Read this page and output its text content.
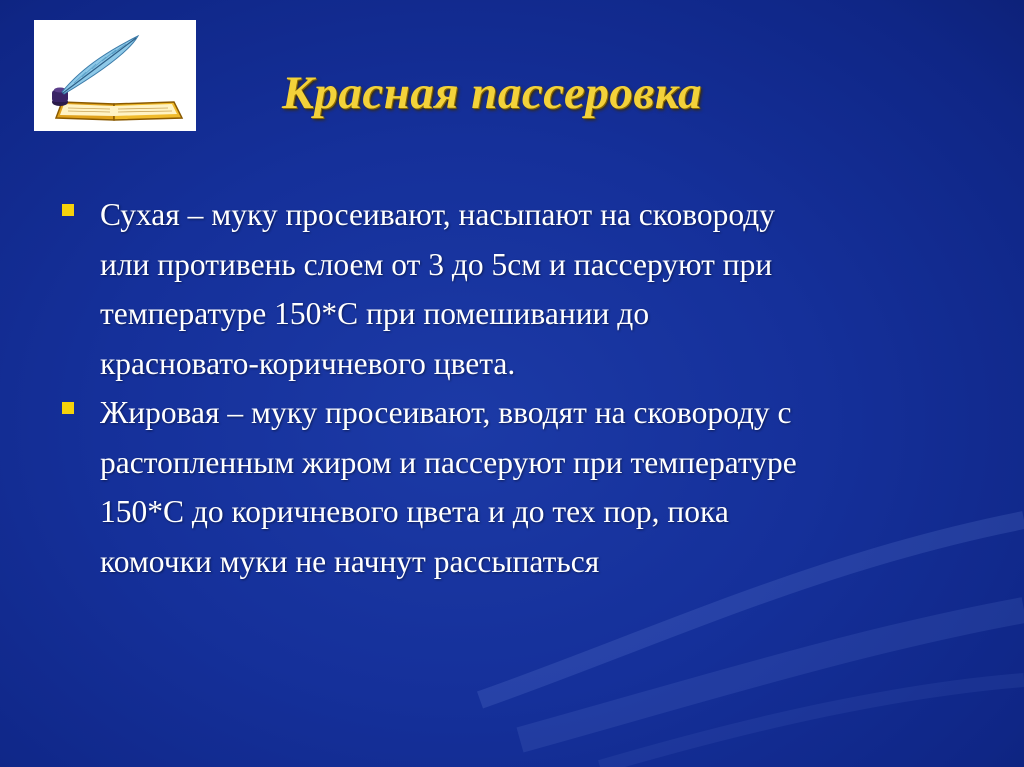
Красная пассеровка
Сухая – муку просеивают, насыпают на сковороду
или противень слоем от 3 до 5см и пассеруют при
температуре 150*С при помешивании до
красновато-коричневого цвета.
Жировая – муку просеивают, вводят на сковороду с
растопленным жиром и пассеруют при температуре
150*С до коричневого цвета и до тех пор, пока
комочки муки не начнут рассыпаться
